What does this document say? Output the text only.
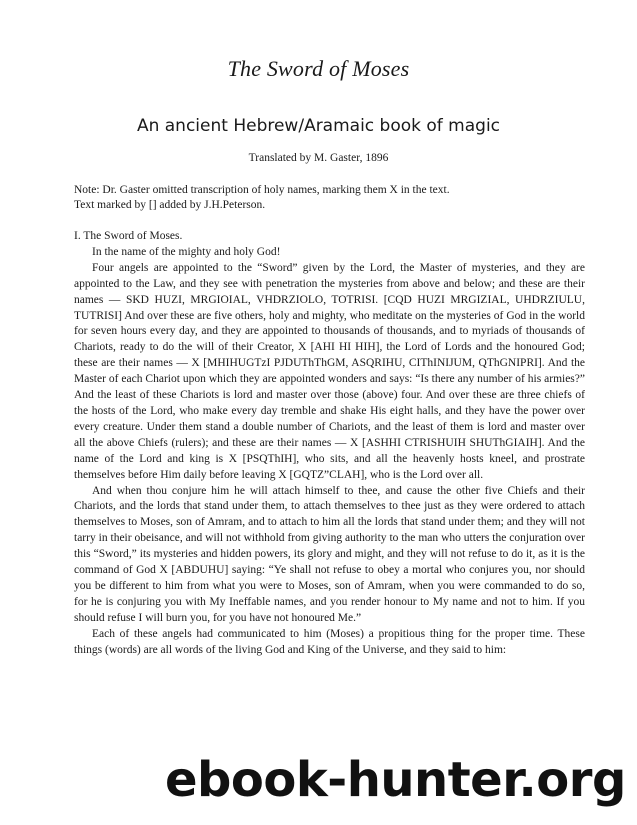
The Sword of Moses
An ancient Hebrew/Aramaic book of magic
Translated by M. Gaster, 1896
Note: Dr. Gaster omitted transcription of holy names, marking them X in the text.
Text marked by [] added by J.H.Peterson.

I. The Sword of Moses.

In the name of the mighty and holy God!

Four angels are appointed to the “Sword” given by the Lord, the Master of mysteries, and they are appointed to the Law, and they see with penetration the mysteries from above and below; and these are their names — SKD HUZI, MRGIOIAL, VHDRZIOLO, TOTRISI. [CQD HUZI MRGIZIAL, UHDRZIULU, TUTRISI] And over these are five others, holy and mighty, who meditate on the mysteries of God in the world for seven hours every day, and they are appointed to thousands of thousands, and to myriads of thousands of Chariots, ready to do the will of their Creator, X [AHI HI HIH], the Lord of Lords and the honoured God; these are their names — X [MHIHUGTzI PJDUThThGM, ASQRIHU, CIThINIJUM, QThGNIPRI]. And the Master of each Chariot upon which they are appointed wonders and says: “Is there any number of his armies?” And the least of these Chariots is lord and master over those (above) four. And over these are three chiefs of the hosts of the Lord, who make every day tremble and shake His eight halls, and they have the power over every creature. Under them stand a double number of Chariots, and the least of them is lord and master over all the above Chiefs (rulers); and these are their names — X [ASHHI CTRISHUIH SHUThGIAIH]. And the name of the Lord and king is X [PSQThIH], who sits, and all the heavenly hosts kneel, and prostrate themselves before Him daily before leaving X [GQTZ”CLAH], who is the Lord over all.

And when thou conjure him he will attach himself to thee, and cause the other five Chiefs and their Chariots, and the lords that stand under them, to attach themselves to thee just as they were ordered to attach themselves to Moses, son of Amram, and to attach to him all the lords that stand under them; and they will not tarry in their obeisance, and will not withhold from giving authority to the man who utters the conjuration over this “Sword,” its mysteries and hidden powers, its glory and might, and they will not refuse to do it, as it is the command of God X [ABDUHU] saying: “Ye shall not refuse to obey a mortal who conjures you, nor should you be different to him from what you were to Moses, son of Amram, when you were commanded to do so, for he is conjuring you with My Ineffable names, and you render honour to My name and not to him. If you should refuse I will burn you, for you have not honoured Me.”

Each of these angels had communicated to him (Moses) a propitious thing for the proper time. These things (words) are all words of the living God and King of the Universe, and they said to him:

ebook-hunter.org
